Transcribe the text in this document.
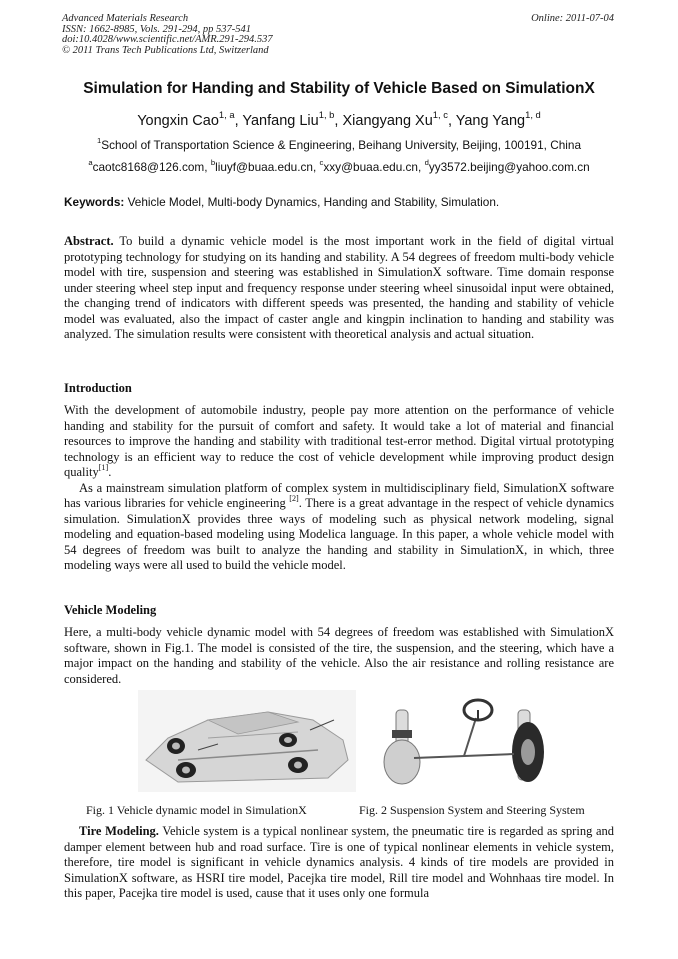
Advanced Materials Research
ISSN: 1662-8985, Vols. 291-294, pp 537-541
doi:10.4028/www.scientific.net/AMR.291-294.537
© 2011 Trans Tech Publications Ltd, Switzerland
Online: 2011-07-04
Simulation for Handing and Stability of Vehicle Based on SimulationX
Yongxin Cao$^{1, a}$, Yanfang Liu$^{1, b}$, Xiangyang Xu$^{1, c}$, Yang Yang$^{1, d}$
$^1$School of Transportation Science & Engineering, Beihang University, Beijing, 100191, China
$^a$caotc8168@126.com, $^b$liuyf@buaa.edu.cn, $^c$xxy@buaa.edu.cn, $^d$yy3572.beijing@yahoo.com.cn
Keywords: Vehicle Model, Multi-body Dynamics, Handing and Stability, Simulation.
Abstract. To build a dynamic vehicle model is the most important work in the field of digital virtual prototyping technology for studying on its handing and stability. A 54 degrees of freedom multi-body vehicle model with tire, suspension and steering was established in SimulationX software. Time domain response under steering wheel step input and frequency response under steering wheel sinusoidal input were obtained, the changing trend of indicators with different speeds was presented, the handing and stability of vehicle model was evaluated, also the impact of caster angle and kingpin inclination to handing and stability was analyzed. The simulation results were consistent with theoretical analysis and actual situation.
Introduction
With the development of automobile industry, people pay more attention on the performance of vehicle handing and stability for the pursuit of comfort and safety. It would take a lot of material and financial resources to improve the handing and stability with traditional test-error method. Digital virtual prototyping technology is an efficient way to reduce the cost of vehicle development while improving product design quality[1].
As a mainstream simulation platform of complex system in multidisciplinary field, SimulationX software has various libraries for vehicle engineering [2]. There is a great advantage in the respect of vehicle dynamics simulation. SimulationX provides three ways of modeling such as physical network modeling, signal modeling and equation-based modeling using Modelica language. In this paper, a whole vehicle model with 54 degrees of freedom was built to analyze the handing and stability in SimulationX, in which, three modeling ways were all used to build the vehicle model.
Vehicle Modeling
Here, a multi-body vehicle dynamic model with 54 degrees of freedom was established with SimulationX software, shown in Fig.1. The model is consisted of the tire, the suspension, and the steering, which have a major impact on the handing and stability of the vehicle. Also the air resistance and rolling resistance are considered.
Fig. 1 Vehicle dynamic model in SimulationX	Fig. 2 Suspension System and Steering System
Tire Modeling. Vehicle system is a typical nonlinear system, the pneumatic tire is regarded as spring and damper element between hub and road surface. Tire is one of typical nonlinear elements in vehicle system, therefore, tire model is significant in vehicle dynamics analysis. 4 kinds of tire models are provided in SimulationX software, as HSRI tire model, Pacejka tire model, Rill tire model and Wohnhaas tire model. In this paper, Pacejka tire model is used, cause that it uses only one formula
